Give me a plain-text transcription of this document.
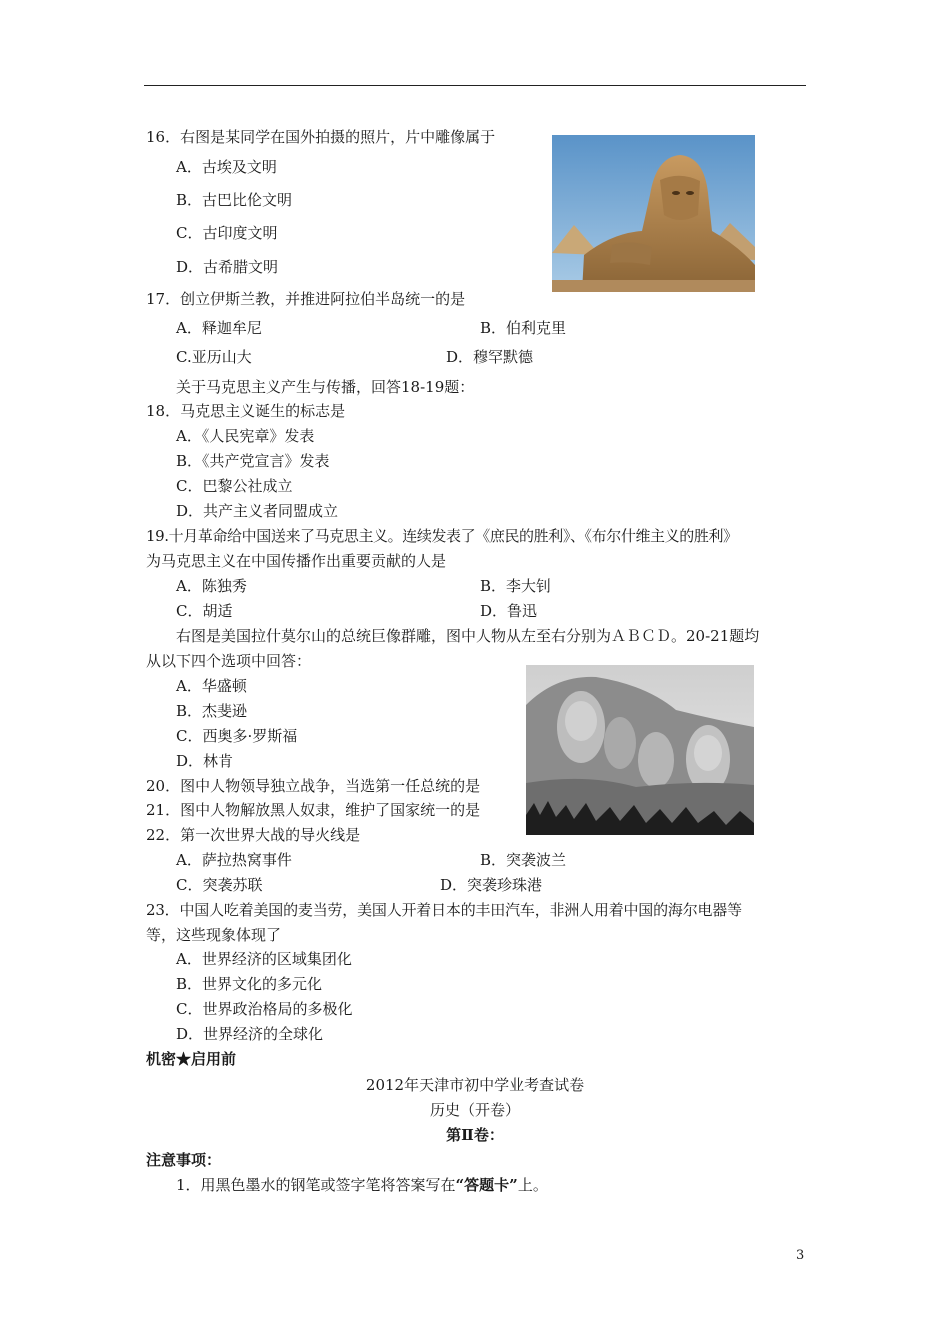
16．右图是某同学在国外拍摄的照片，片中雕像属于
A．古埃及文明
B．古巴比伦文明
C．古印度文明
D．古希腊文明
17．创立伊斯兰教，并推进阿拉伯半岛统一的是
A．释迦牟尼	B．伯利克里
C.亚历山大	D．穆罕默德
关于马克思主义产生与传播，回答18-19题：
18．马克思主义诞生的标志是
A．《人民宪章》发表
B．《共产党宣言》发表
C．巴黎公社成立
D．共产主义者同盟成立
19.十月革命给中国送来了马克思主义。连续发表了《庶民的胜利》、《布尔什维主义的胜利》
为马克思主义在中国传播作出重要贡献的人是
A．陈独秀	B．李大钊
C．胡适	D．鲁迅
右图是美国拉什莫尔山的总统巨像群雕，图中人物从左至右分别为ＡＢＣＤ。20-21题均
从以下四个选项中回答：
A．华盛顿
B．杰斐逊
C．西奥多·罗斯福
D．林肯
20．图中人物领导独立战争，当选第一任总统的是
21．图中人物解放黑人奴隶，维护了国家统一的是
22．第一次世界大战的导火线是
A．萨拉热窝事件	B．突袭波兰
C．突袭苏联	D．突袭珍珠港
23．中国人吃着美国的麦当劳，美国人开着日本的丰田汽车，非洲人用着中国的海尔电器等
等，这些现象体现了
A．世界经济的区域集团化
B．世界文化的多元化
C．世界政治格局的多极化
D．世界经济的全球化
机密★启用前
2012年天津市初中学业考查试卷
历史（开卷）
第Ⅱ卷：
注意事项：
1．用黑色墨水的钢笔或签字笔将答案写在“答题卡”上。
3
